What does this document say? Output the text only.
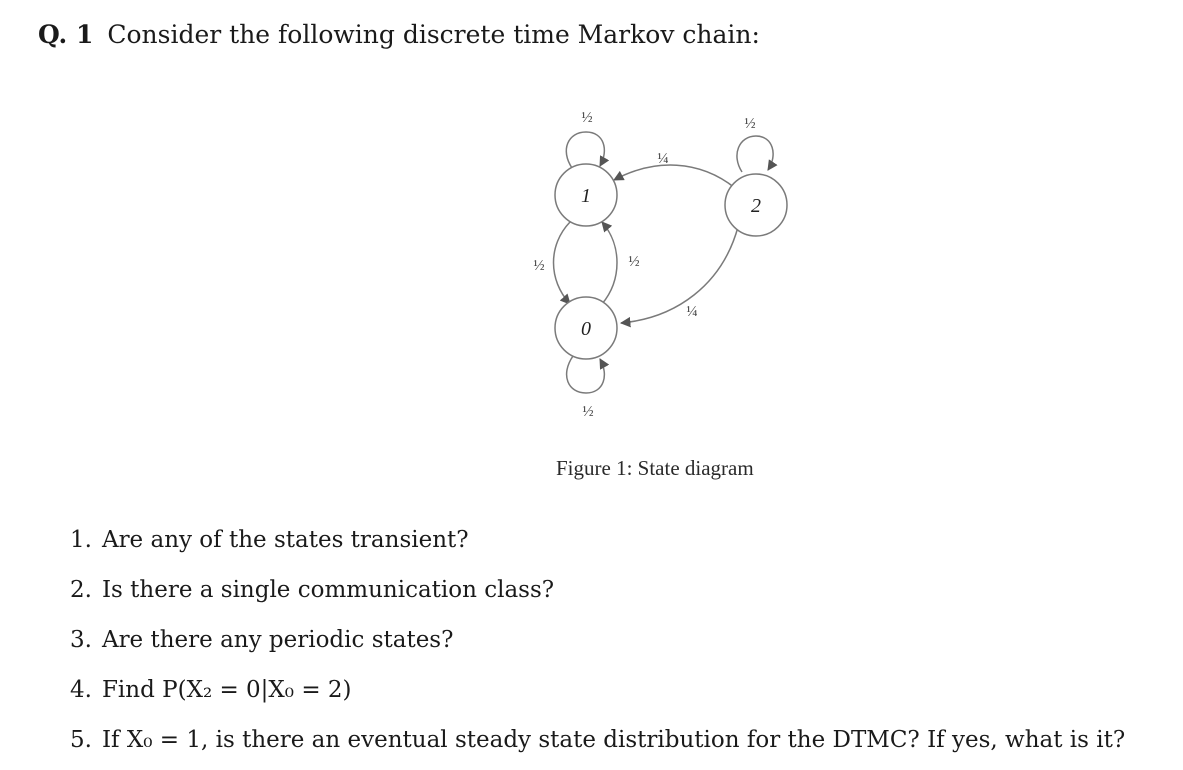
Q. 1 Consider the following discrete time Markov chain:
1	2
0
½	½
½
¼
¼
½
½
Figure 1: State diagram
1. Are any of the states transient?
2. Is there a single communication class?
3. Are there any periodic states?
4. Find P(X₂ = 0|X₀ = 2)
5. If X₀ = 1, is there an eventual steady state distribution for the DTMC? If yes, what is it?
